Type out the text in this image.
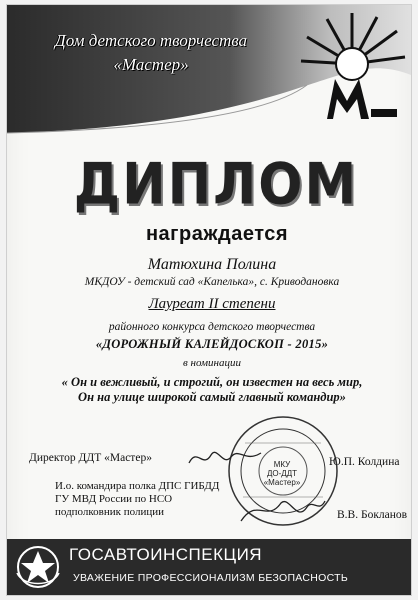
Дом детского творчества
«Мастер»
ДИПЛОМ
награждается
Матюхина Полина
МКДОУ - детский сад «Капелька», с. Криводановка
Лауреат II степени
районного конкурса детского творчества
«ДОРОЖНЫЙ КАЛЕЙДОСКОП - 2015»
в номинации
« Он и вежливый, и строгий, он известен на весь мир,
Он на улице широкой самый главный командир»
МКУ
ДО-ДДТ
«Мастер»
Директор ДДТ «Мастер»	Ю.П. Колдина
И.о. командира полка ДПС ГИБДД
ГУ МВД России по НСО
подполковник полиции	В.В. Бокланов
ГОСАВТОИНСПЕКЦИЯ
УВАЖЕНИЕ ПРОФЕССИОНАЛИЗМ БЕЗОПАСНОСТЬ
